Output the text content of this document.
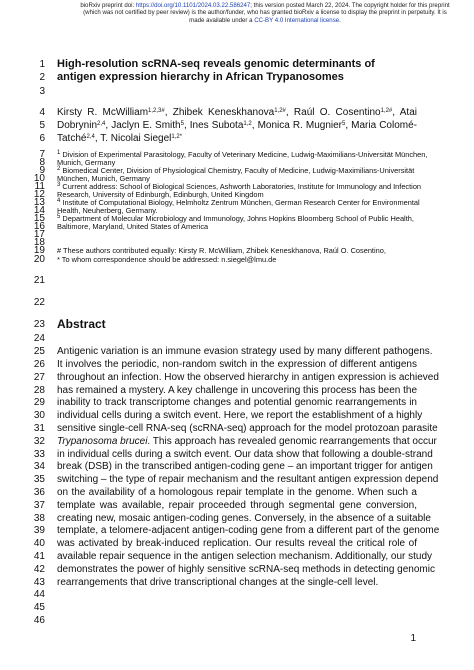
bioRxiv preprint doi: https://doi.org/10.1101/2024.03.22.586247; this version posted March 22, 2024. The copyright holder for this preprint
(which was not certified by peer review) is the author/funder, who has granted bioRxiv a license to display the preprint in perpetuity. It is
made available under a CC-BY 4.0 International license.
1
2
3
4
5
6
7
8
9
10
11
12
13
14
15
16
17
18
19
20
21
22
23
24
25
26
27
28
29
30
31
32
33
34
35
36
37
38
39
40
41
42
43
44
45
46
High-resolution scRNA-seq reveals genomic determinants of
antigen expression hierarchy in African Trypanosomes
Kirsty R. McWilliam$^{1,2,3\#}$, Zhibek Keneskhanova$^{1,2\#}$, Raúl O. Cosentino$^{1,2\#}$, Atai
Dobrynin$^{2,4}$, Jaclyn E. Smith$^5$, Ines Subota$^{1,2}$, Monica R. Mugnier$^5$, Maria Colomé-
Tatché$^{2,4}$, T. Nicolai Siegel$^{1,2*}$
$^1$ Division of Experimental Parasitology, Faculty of Veterinary Medicine, Ludwig-Maximilians-Universität München,
Munich, Germany
$^2$ Biomedical Center, Division of Physiological Chemistry, Faculty of Medicine, Ludwig-Maximilians-Universität
München, Munich, Germany
$^3$ Current address: School of Biological Sciences, Ashworth Laboratories, Institute for Immunology and Infection
Research, University of Edinburgh, Edinburgh, United Kingdom
$^4$ Institute of Computational Biology, Helmholtz Zentrum München, German Research Center for Environmental
Health, Neuherberg, Germany.
$^5$ Department of Molecular Microbiology and Immunology, Johns Hopkins Bloomberg School of Public Health,
Baltimore, Maryland, United States of America
# These authors contributed equally: Kirsty R. McWilliam, Zhibek Keneskhanova, Raúl O. Cosentino,
* To whom correspondence should be addressed: n.siegel@lmu.de
Abstract
Antigenic variation is an immune evasion strategy used by many different pathogens.
It involves the periodic, non-random switch in the expression of different antigens
throughout an infection. How the observed hierarchy in antigen expression is achieved
has remained a mystery. A key challenge in uncovering this process has been the
inability to track transcriptome changes and potential genomic rearrangements in
individual cells during a switch event. Here, we report the establishment of a highly
sensitive single-cell RNA-seq (scRNA-seq) approach for the model protozoan parasite
Trypanosoma brucei. This approach has revealed genomic rearrangements that occur
in individual cells during a switch event. Our data show that following a double-strand
break (DSB) in the transcribed antigen-coding gene – an important trigger for antigen
switching – the type of repair mechanism and the resultant antigen expression depend
on the availability of a homologous repair template in the genome. When such a
template was available, repair proceeded through segmental gene conversion,
creating new, mosaic antigen-coding genes. Conversely, in the absence of a suitable
template, a telomere-adjacent antigen-coding gene from a different part of the genome
was activated by break-induced replication. Our results reveal the critical role of
available repair sequence in the antigen selection mechanism. Additionally, our study
demonstrates the power of highly sensitive scRNA-seq methods in detecting genomic
rearrangements that drive transcriptional changes at the single-cell level.
1
